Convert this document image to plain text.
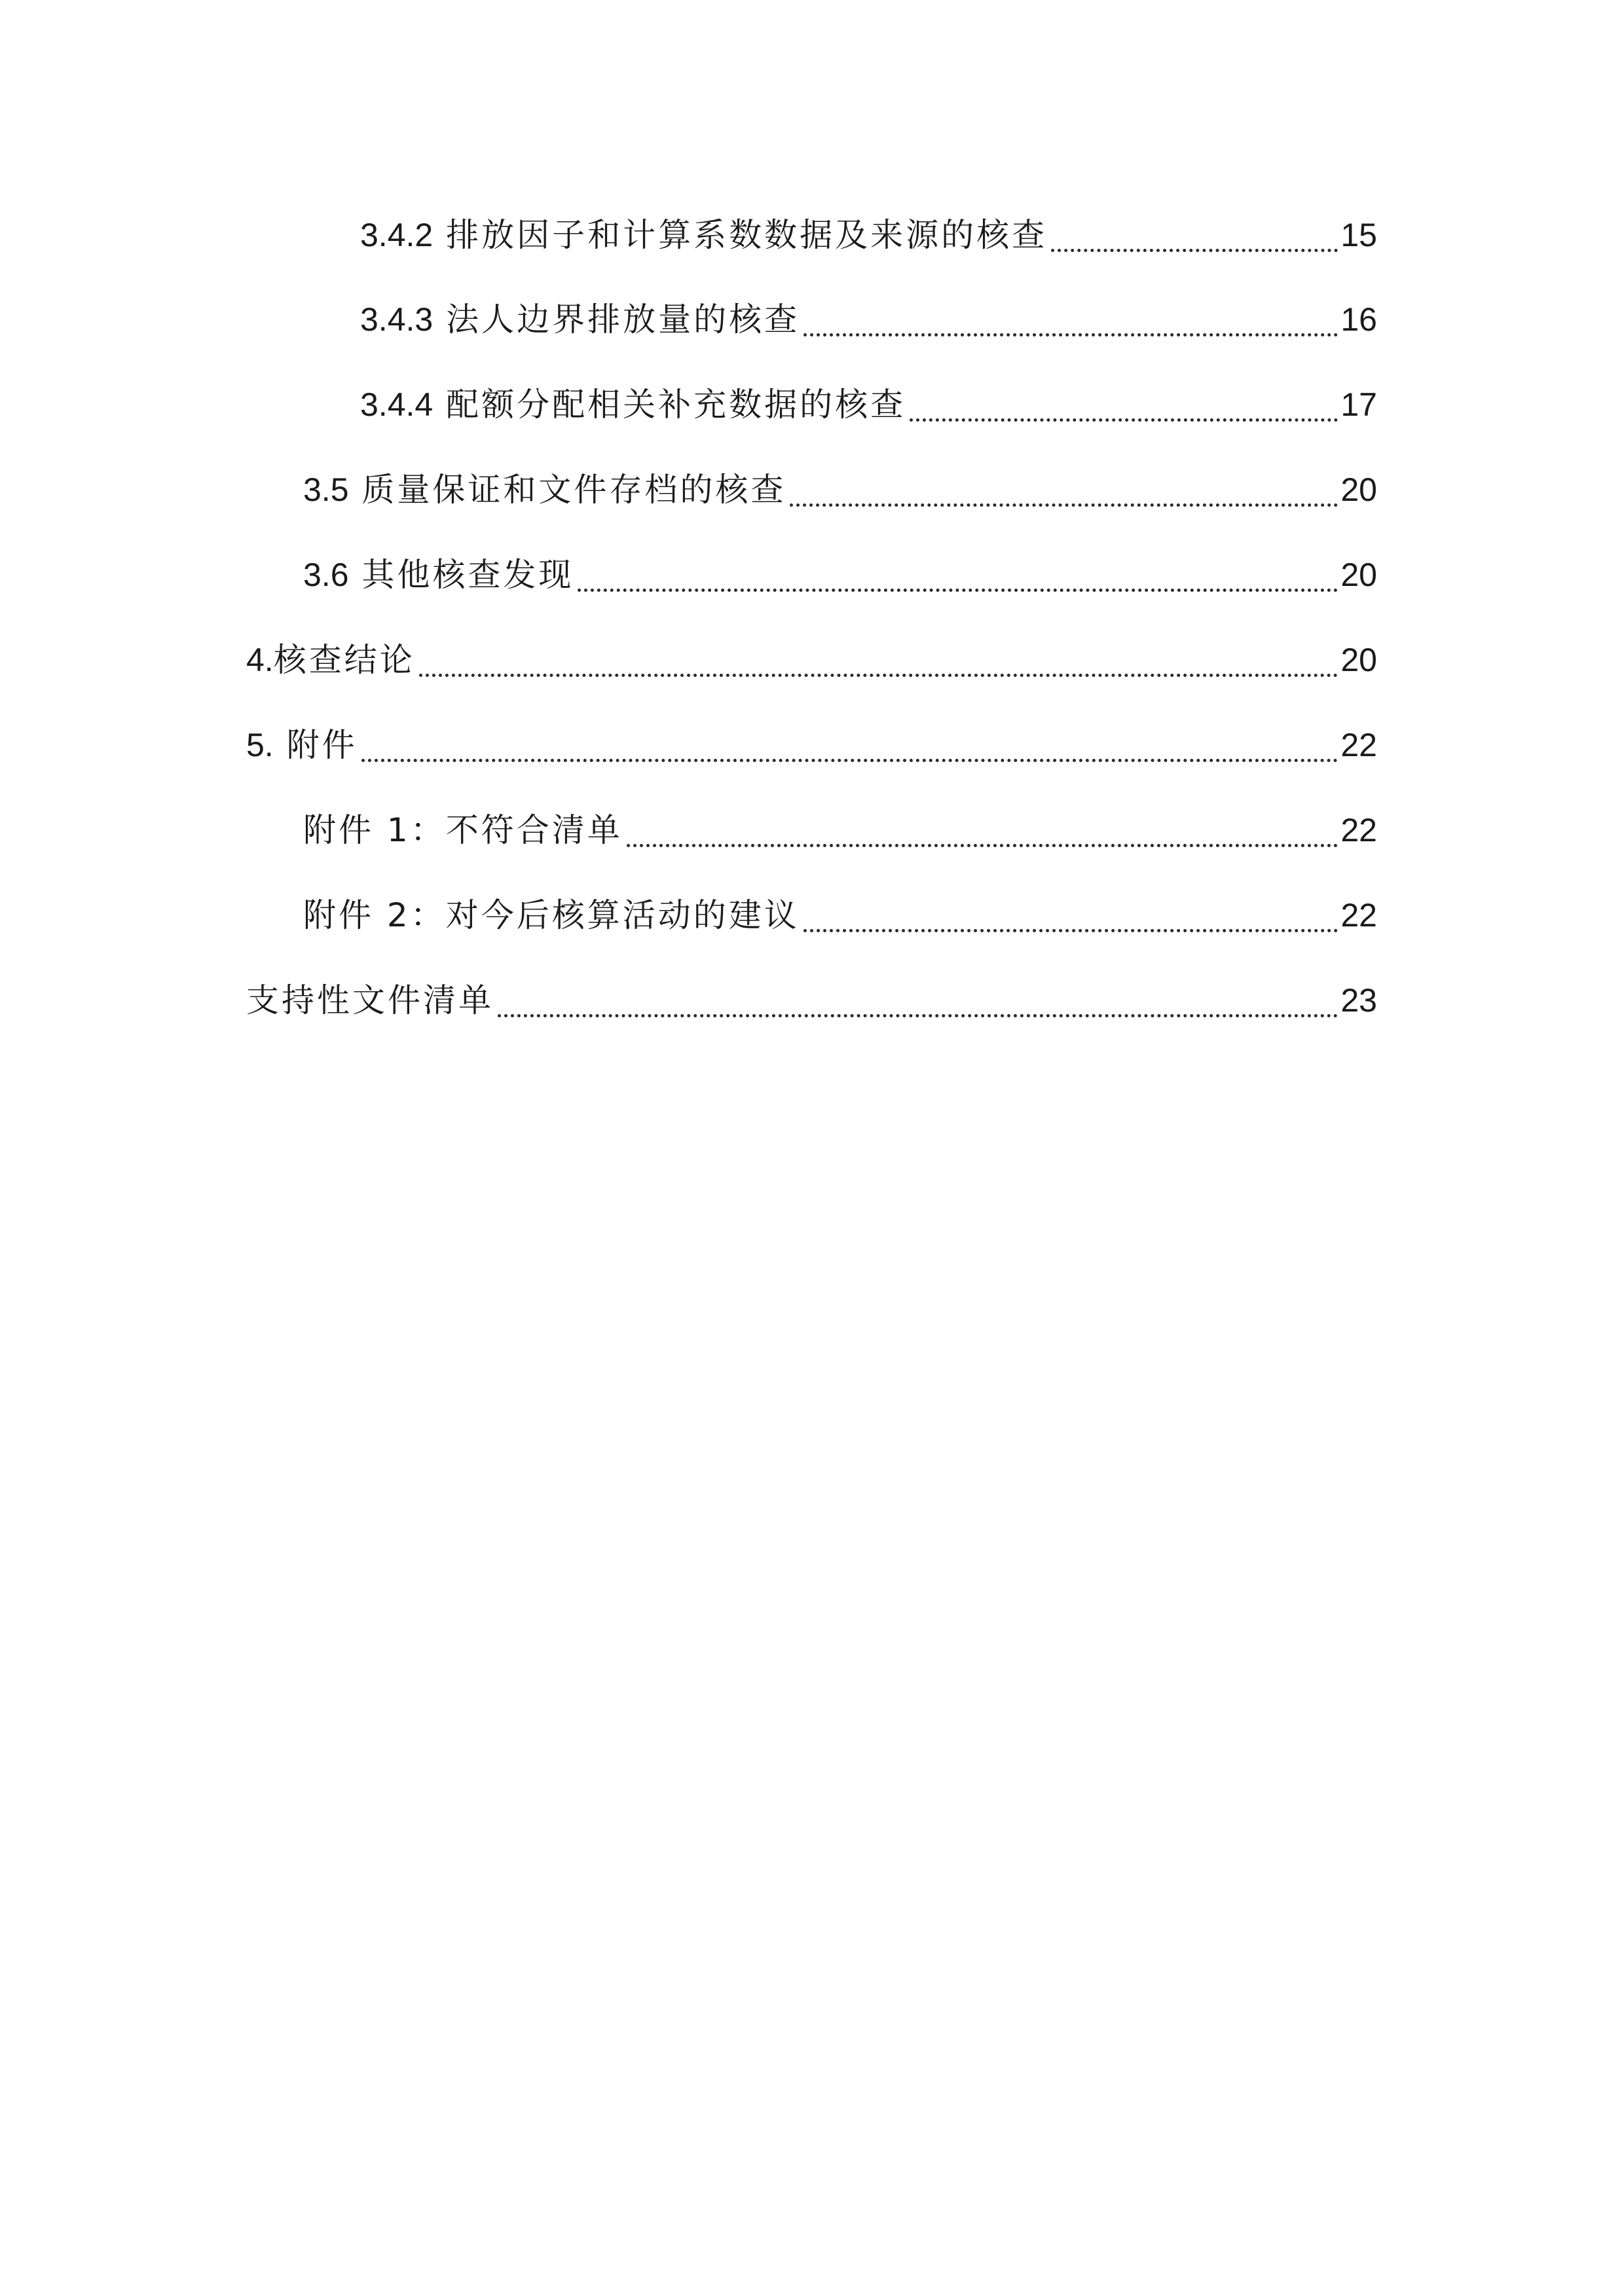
3.4.2 排放因子和计算系数数据及来源的核查	15
3.4.3 法人边界排放量的核查	16
3.4.4 配额分配相关补充数据的核查	17
3.5 质量保证和文件存档的核查	20
3.6 其他核查发现	20
4.核查结论	20
5. 附件	22
附件 1：不符合清单	22
附件 2：对今后核算活动的建议	22
支持性文件清单	23
